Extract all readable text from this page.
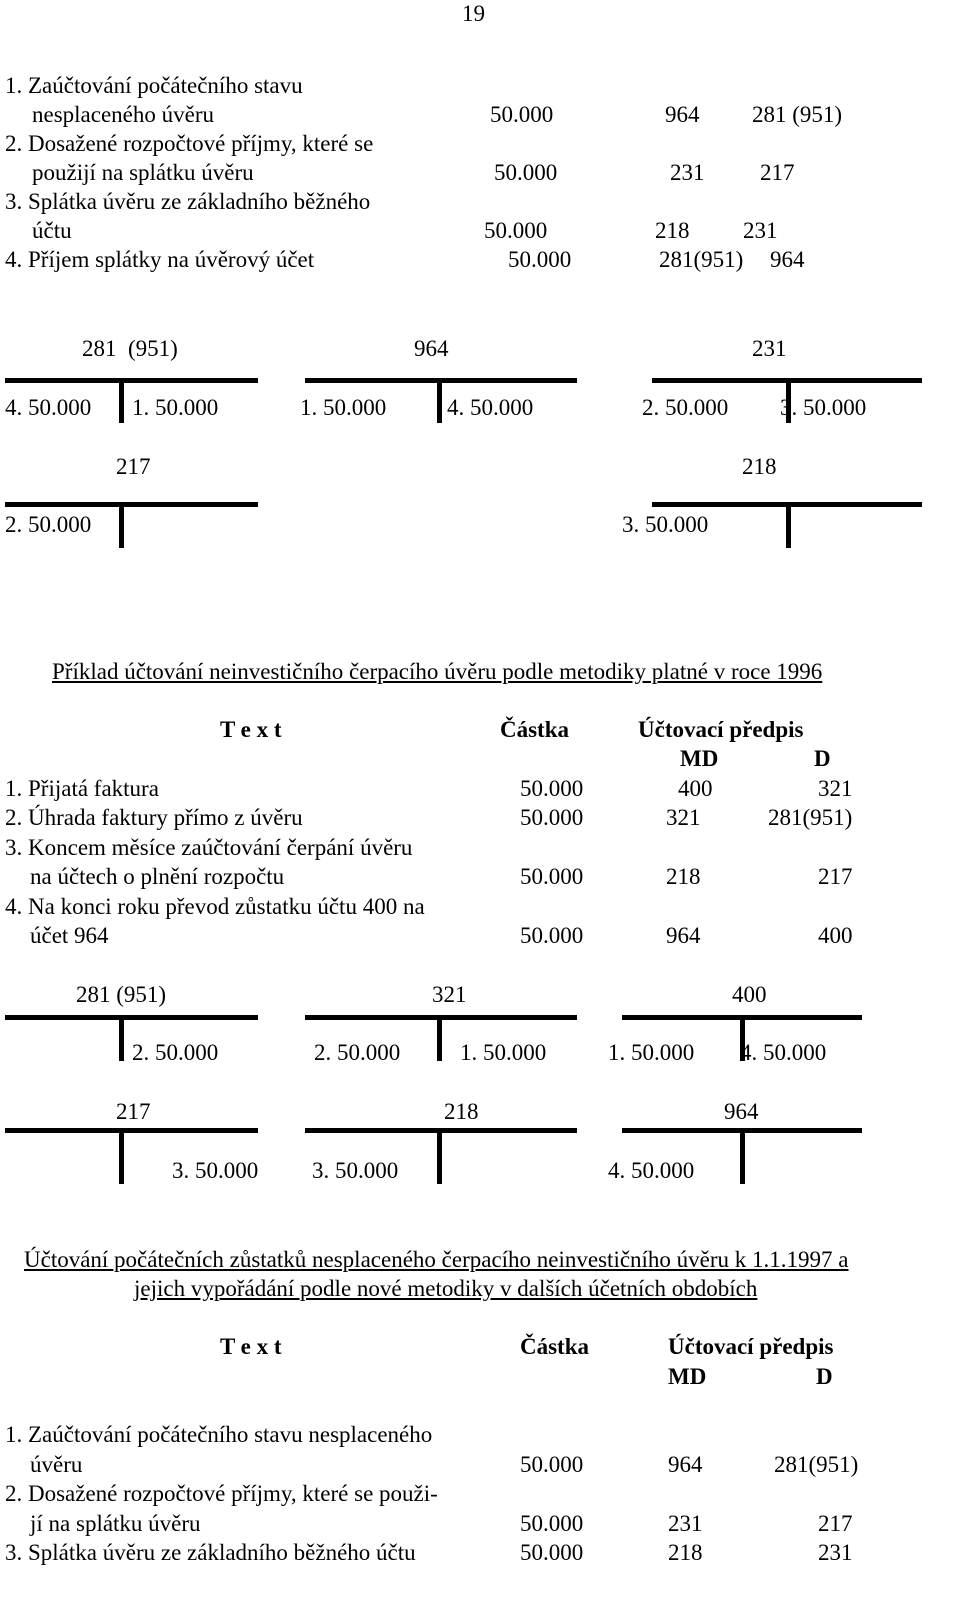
19
1. Zaúčtování počátečního stavu
nesplaceného úvěru	50.000	964 281 (951)
2. Dosažené rozpočtové příjmy, které se
použijí na splátku úvěru	50.000	231 217
3. Splátka úvěru ze základního běžného
účtu	50.000	218 231
4. Příjem splátky na úvěrový účet	50.000	281(951) 964
281  (951)
4. 50.000 1. 50.000
964
1. 50.000	4. 50.000
231
2. 50.000 3. 50.000
217
2. 50.000
218
3. 50.000
Příklad účtování neinvestičního čerpacího úvěru podle metodiky platné v roce 1996
T e x t	Částka	Účtovací předpis
MD	D
1. Přijatá faktura	50.000	400	321
2. Úhrada faktury přímo z úvěru	50.000	321	281(951)
3. Koncem měsíce zaúčtování čerpání úvěru
na účtech o plnění rozpočtu	50.000	218	217
4. Na konci roku převod zůstatku účtu 400 na
účet 964	50.000	964	400
281 (951)
2. 50.000
321
2. 50.000	1. 50.000
400
1. 50.000 4. 50.000
217
3. 50.000
218
3. 50.000
964
4. 50.000
Účtování počátečních zůstatků nesplaceného čerpacího neinvestičního úvěru k 1.1.1997 a
jejich vypořádání podle nové metodiky v dalších účetních obdobích
T e x t	Částka	Účtovací předpis
MD	D
1. Zaúčtování počátečního stavu nesplaceného
úvěru	50.000	964	281(951)
2. Dosažené rozpočtové příjmy, které se použi-
jí na splátku úvěru	50.000	231	217
3. Splátka úvěru ze základního běžného účtu	50.000	218	231
